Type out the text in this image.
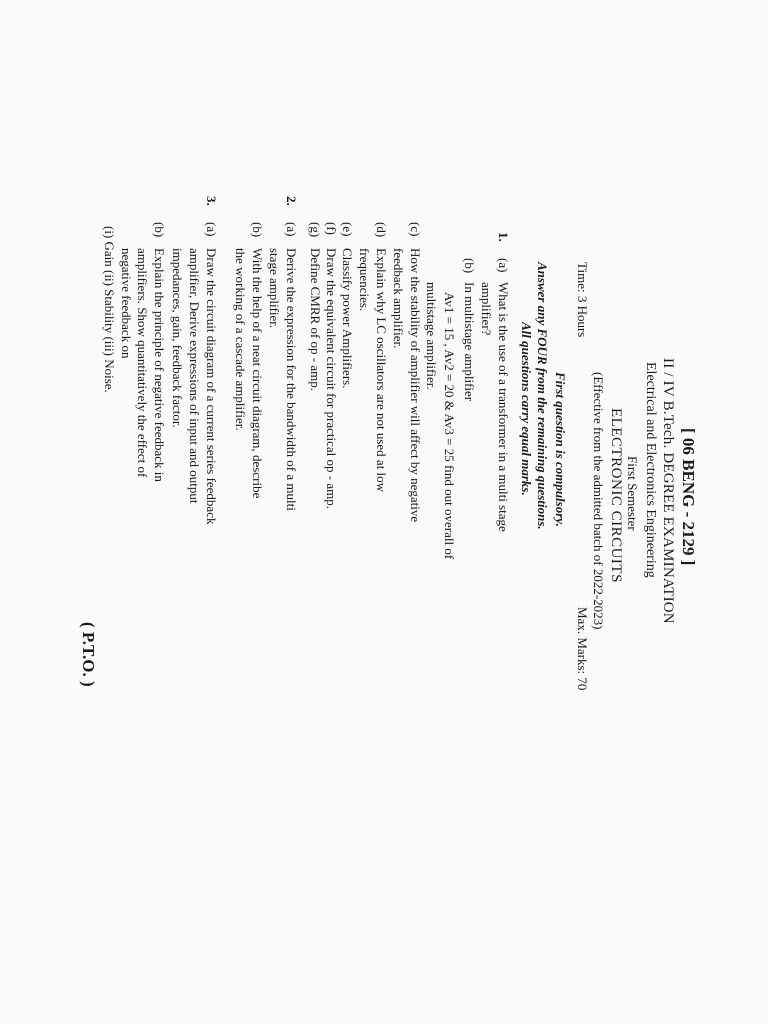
[ 06 BENG - 2129 ]
II / IV B.Tech. DEGREE EXAMINATION
Electrical and Electronics Engineering
First Semester
ELECTRONIC CIRCUITS
(Effective from the admitted batch of 2022-2023)
Time: 3 Hours
Max. Marks: 70
First question is compulsory.
Answer any FOUR from the remaining questions.
All questions carry equal marks.
1.
(a)
What is the use of a transformer in a multi stage
amplifier?
(b)
In multistage amplifier
Av1 = 15 , Av2 = 20 & Av3 = 25 find out overall of
multistage amplifier.
(c)
How the stability of amplifier will affect by negative
feedback amplifier.
(d)
Explain why LC oscillators are not used at low
frequencies.
(e)
Classify power Amplifiers.
(f)
Draw the equivalent circuit for practical op - amp.
(g)
Define CMRR of op - amp.
2.
(a)
Derive the expression for the bandwidth of a multi
stage amplifier.
(b)
With the help of a neat circuit diagram, describe
the working of a cascade amplifier.
3.
(a)
Draw the circuit diagram of a current series feedback
amplifier, Derive expressions of input and output
impedances, gain, feedback factor.
(b)
Explain the principle of negative feedback in
amplifiers. Show quantitatively the effect of
negative feedback on
(i) Gain (ii) Stability (iii) Noise.
( P.T.O. )
